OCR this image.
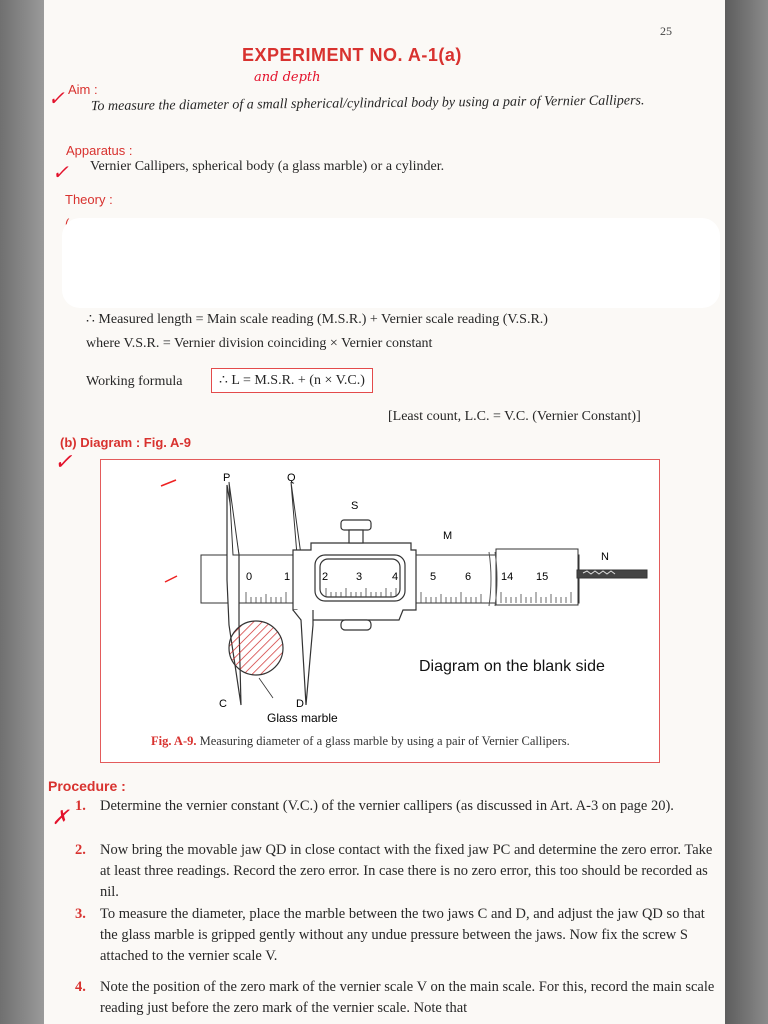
25
EXPERIMENT NO. A-1(a)
✓ Aim :
and depth
To measure the diameter of a small spherical/cylindrical body by using a pair of Vernier Callipers.
Apparatus :
✓ Vernier Callipers, spherical body (a glass marble) or a cylinder.
Theory :
∴ Measured length = Main scale reading (M.S.R.) + Vernier scale reading (V.S.R.)
where V.S.R. = Vernier division coinciding × Vernier constant
Working formula	∴ L = M.S.R. + (n × V.C.)
[Least count, L.C. = V.C. (Vernier Constant)]
(b) Diagram : Fig. A-9
✓
P	Q
S
M
N
0	1	2	3	4	5	6	14 15
C	D
Glass marble
Diagram on the blank side
Fig. A-9. Measuring diameter of a glass marble by using a pair of Vernier Callipers.
Procedure :
✗ 1. Determine the vernier constant (V.C.) of the vernier callipers (as discussed in Art. A-3 on page 20).
2. Now bring the movable jaw QD in close contact with the fixed jaw PC and determine the zero error. Take at least three readings. Record the zero error. In case there is no zero error, this too should be recorded as nil.
3. To measure the diameter, place the marble between the two jaws C and D, and adjust the jaw QD so that the glass marble is gripped gently without any undue pressure between the jaws. Now fix the screw S attached to the vernier scale V.
4. Note the position of the zero mark of the vernier scale V on the main scale. For this, record the main scale reading just before the zero mark of the vernier scale. Note that
